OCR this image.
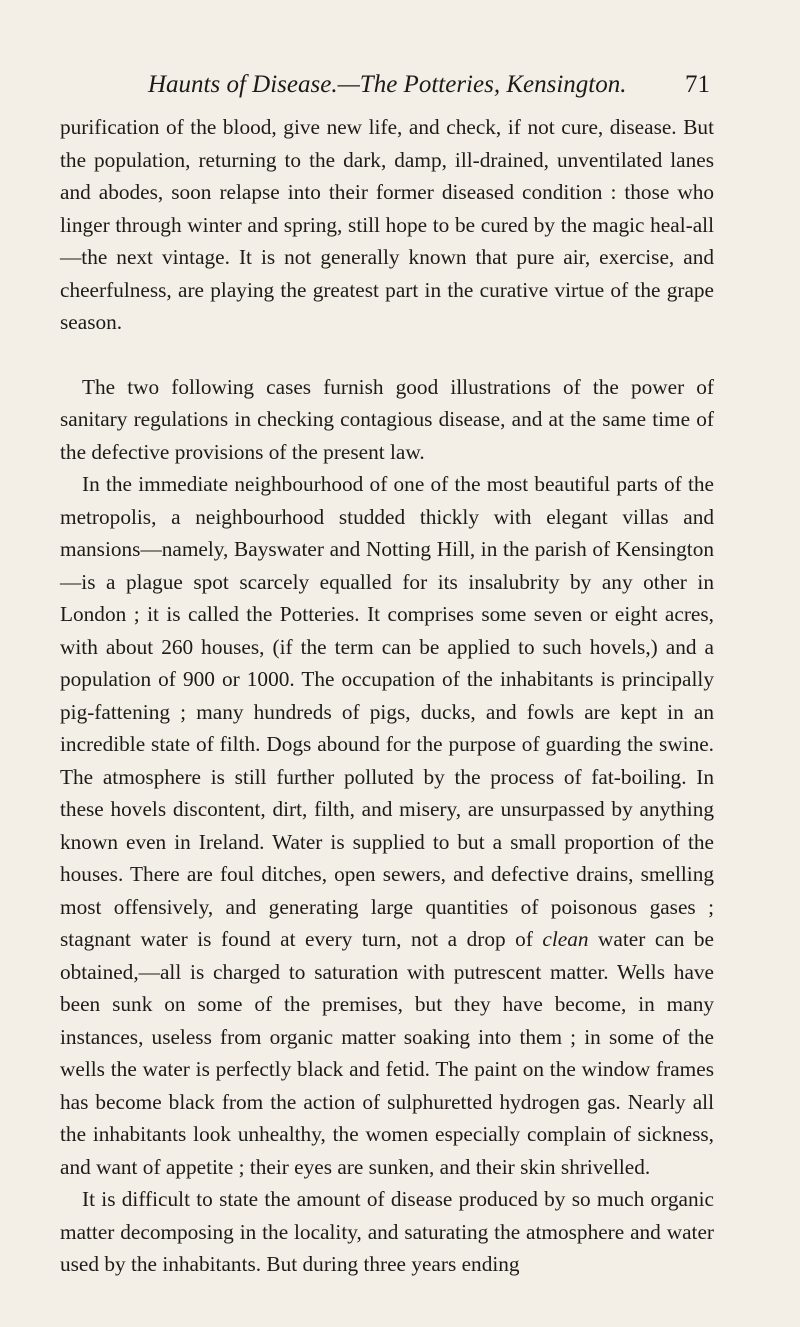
Haunts of Disease.—The Potteries, Kensington. 71

purification of the blood, give new life, and check, if not cure, disease. But the population, returning to the dark, damp, ill-drained, unventilated lanes and abodes, soon relapse into their former diseased condition : those who linger through winter and spring, still hope to be cured by the magic heal-all—the next vintage. It is not generally known that pure air, exercise, and cheerfulness, are playing the greatest part in the curative virtue of the grape season.

The two following cases furnish good illustrations of the power of sanitary regulations in checking contagious disease, and at the same time of the defective provisions of the present law.

In the immediate neighbourhood of one of the most beautiful parts of the metropolis, a neighbourhood studded thickly with elegant villas and mansions—namely, Bayswater and Notting Hill, in the parish of Kensington—is a plague spot scarcely equalled for its insalubrity by any other in London ; it is called the Potteries. It comprises some seven or eight acres, with about 260 houses, (if the term can be applied to such hovels,) and a population of 900 or 1000. The occupation of the inhabitants is principally pig-fattening ; many hundreds of pigs, ducks, and fowls are kept in an incredible state of filth. Dogs abound for the purpose of guarding the swine. The atmosphere is still further polluted by the process of fat-boiling. In these hovels discontent, dirt, filth, and misery, are unsurpassed by anything known even in Ireland. Water is supplied to but a small proportion of the houses. There are foul ditches, open sewers, and defective drains, smelling most offensively, and generating large quantities of poisonous gases ; stagnant water is found at every turn, not a drop of clean water can be obtained,—all is charged to saturation with putrescent matter. Wells have been sunk on some of the premises, but they have become, in many instances, useless from organic matter soaking into them ; in some of the wells the water is perfectly black and fetid. The paint on the window frames has become black from the action of sulphuretted hydrogen gas. Nearly all the inhabitants look unhealthy, the women especially complain of sickness, and want of appetite ; their eyes are sunken, and their skin shrivelled.

It is difficult to state the amount of disease produced by so much organic matter decomposing in the locality, and saturating the atmosphere and water used by the inhabitants. But during three years ending
